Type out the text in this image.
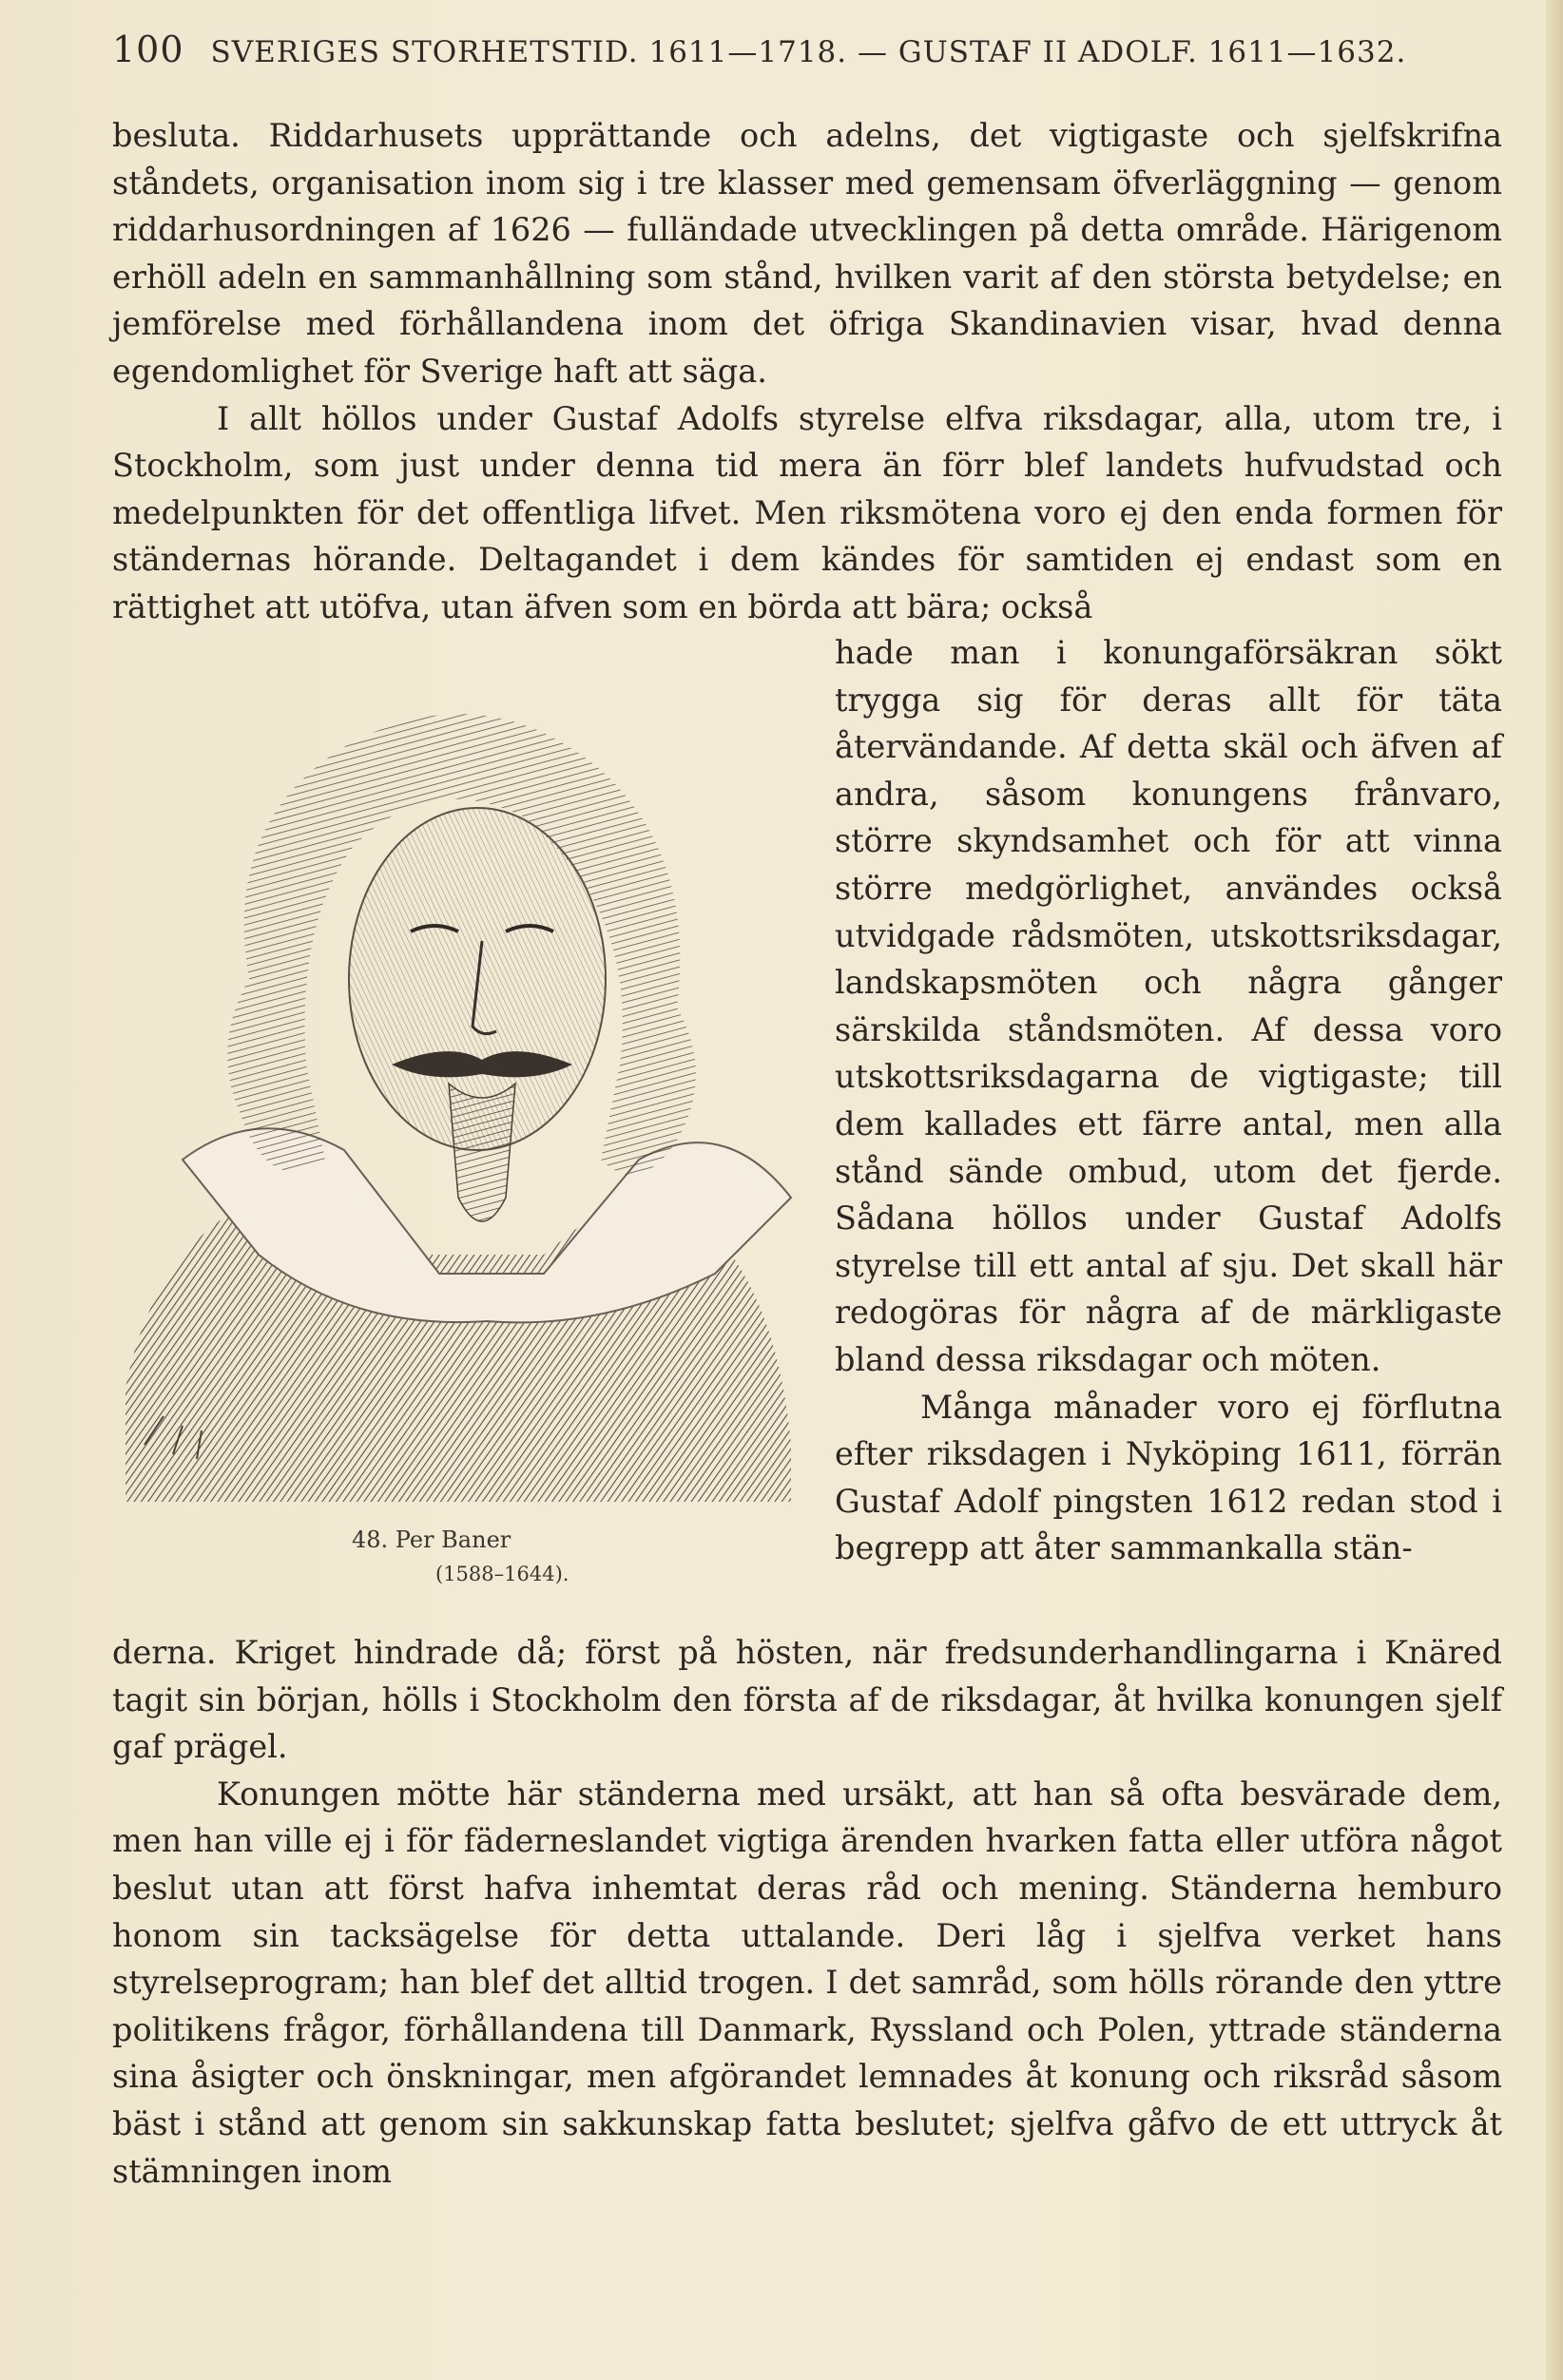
100 SVERIGES STORHETSTID. 1611—1718. — GUSTAF II ADOLF. 1611—1632.

besluta. Riddarhusets upprättande och adelns, det vigtigaste och sjelfskrifna ståndets, organisation inom sig i tre klasser med gemensam öfverläggning — genom riddarhusordningen af 1626 — fulländade utvecklingen på detta område. Härigenom erhöll adeln en sammanhållning som stånd, hvilken varit af den största betydelse; en jemförelse med förhållandena inom det öfriga Skandinavien visar, hvad denna egendomlighet för Sverige haft att säga.

I allt höllos under Gustaf Adolfs styrelse elfva riksdagar, alla, utom tre, i Stockholm, som just under denna tid mera än förr blef landets hufvudstad och medelpunkten för det offentliga lifvet. Men riksmötena voro ej den enda formen för ständernas hörande. Deltagandet i dem kändes för samtiden ej endast som en rättighet att utöfva, utan äfven som en börda att bära; också

48. Per Baner
(1588–1644).

hade man i konungaförsäkran sökt trygga sig för deras allt för täta återvändande. Af detta skäl och äfven af andra, såsom konungens frånvaro, större skyndsamhet och för att vinna större medgörlighet, användes också utvidgade rådsmöten, utskottsriksdagar, landskapsmöten och några gånger särskilda ståndsmöten. Af dessa voro utskottsriksdagarna de vigtigaste; till dem kallades ett färre antal, men alla stånd sände ombud, utom det fjerde. Sådana höllos under Gustaf Adolfs styrelse till ett antal af sju. Det skall här redogöras för några af de märkligaste bland dessa riksdagar och möten.

Många månader voro ej förflutna efter riksdagen i Nyköping 1611, förrän Gustaf Adolf pingsten 1612 redan stod i begrepp att åter sammankalla stän-

derna. Kriget hindrade då; först på hösten, när fredsunderhandlingarna i Knäred tagit sin början, hölls i Stockholm den första af de riksdagar, åt hvilka konungen sjelf gaf prägel.

Konungen mötte här ständerna med ursäkt, att han så ofta besvärade dem, men han ville ej i för fäderneslandet vigtiga ärenden hvarken fatta eller utföra något beslut utan att först hafva inhemtat deras råd och mening. Ständerna hemburo honom sin tacksägelse för detta uttalande. Deri låg i sjelfva verket hans styrelseprogram; han blef det alltid trogen. I det samråd, som hölls rörande den yttre politikens frågor, förhållandena till Danmark, Ryssland och Polen, yttrade ständerna sina åsigter och önskningar, men afgörandet lemnades åt konung och riksråd såsom bäst i stånd att genom sin sakkunskap fatta beslutet; sjelfva gåfvo de ett uttryck åt stämningen inom
